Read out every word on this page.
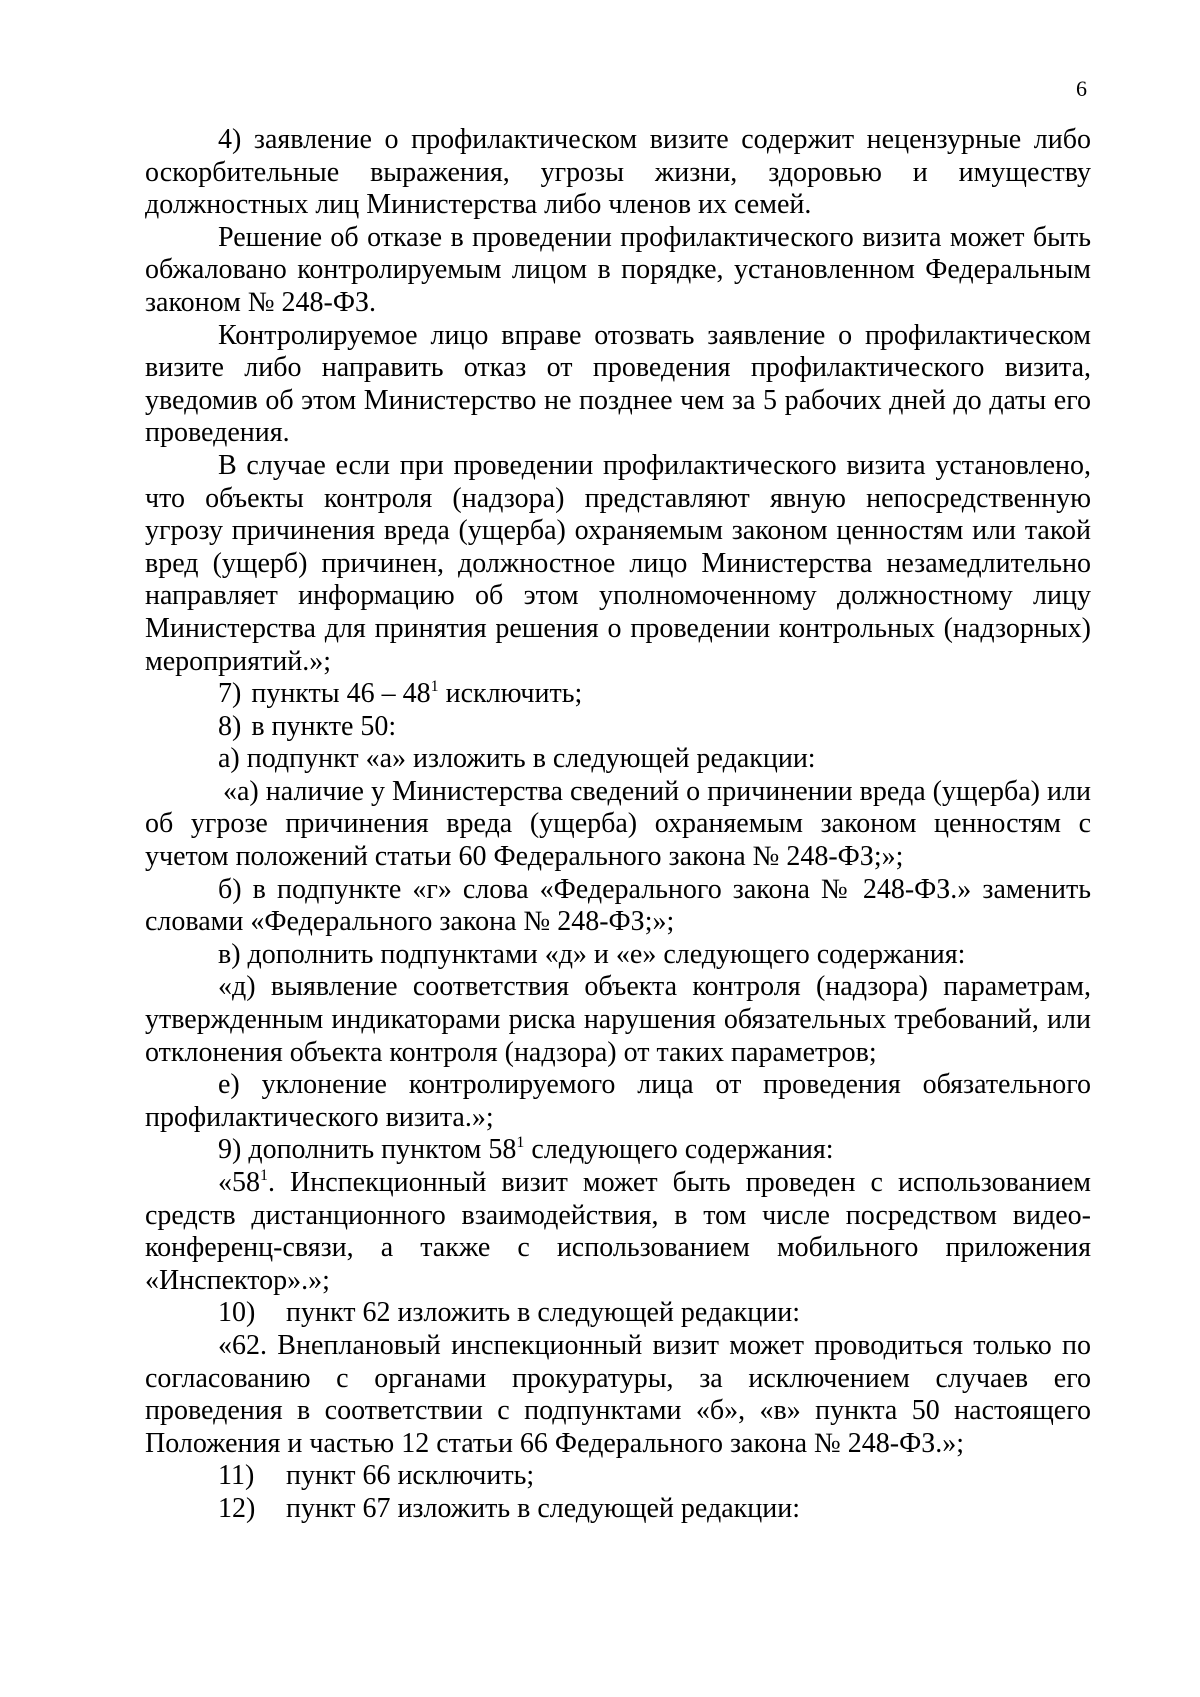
6

4) заявление о профилактическом визите содержит нецензурные либо оскорбительные выражения, угрозы жизни, здоровью и имуществу должностных лиц Министерства либо членов их семей.

Решение об отказе в проведении профилактического визита может быть обжаловано контролируемым лицом в порядке, установленном Федеральным законом № 248-ФЗ.

Контролируемое лицо вправе отозвать заявление о профилактическом визите либо направить отказ от проведения профилактического визита, уведомив об этом Министерство не позднее чем за 5 рабочих дней до даты его проведения.

В случае если при проведении профилактического визита установлено, что объекты контроля (надзора) представляют явную непосредственную угрозу причинения вреда (ущерба) охраняемым законом ценностям или такой вред (ущерб) причинен, должностное лицо Министерства незамедлительно направляет информацию об этом уполномоченному должностному лицу Министерства для принятия решения о проведении контрольных (надзорных) мероприятий.»;

7) пункты $46 - 48^1$ исключить;

8) в пункте 50:

а) подпункт «а» изложить в следующей редакции:

«а) наличие у Министерства сведений о причинении вреда (ущерба) или об угрозе причинения вреда (ущерба) охраняемым законом ценностям с учетом положений статьи 60 Федерального закона № 248-ФЗ;»;

б) в подпункте «г» слова «Федерального закона № 248-ФЗ.» заменить словами «Федерального закона № 248-ФЗ;»;

в) дополнить подпунктами «д» и «е» следующего содержания:

«д) выявление соответствия объекта контроля (надзора) параметрам, утвержденным индикаторами риска нарушения обязательных требований, или отклонения объекта контроля (надзора) от таких параметров;

е) уклонение контролируемого лица от проведения обязательного профилактического визита.»;

9) дополнить пунктом $58^1$ следующего содержания:

«$58^1$. Инспекционный визит может быть проведен с использованием средств дистанционного взаимодействия, в том числе посредством видео-конференц-связи, а также с использованием мобильного приложения «Инспектор».»;

10) пункт 62 изложить в следующей редакции:

«62. Внеплановый инспекционный визит может проводиться только по согласованию с органами прокуратуры, за исключением случаев его проведения в соответствии с подпунктами «б», «в» пункта 50 настоящего Положения и частью 12 статьи 66 Федерального закона № 248-ФЗ.»;

11) пункт 66 исключить;

12) пункт 67 изложить в следующей редакции:
